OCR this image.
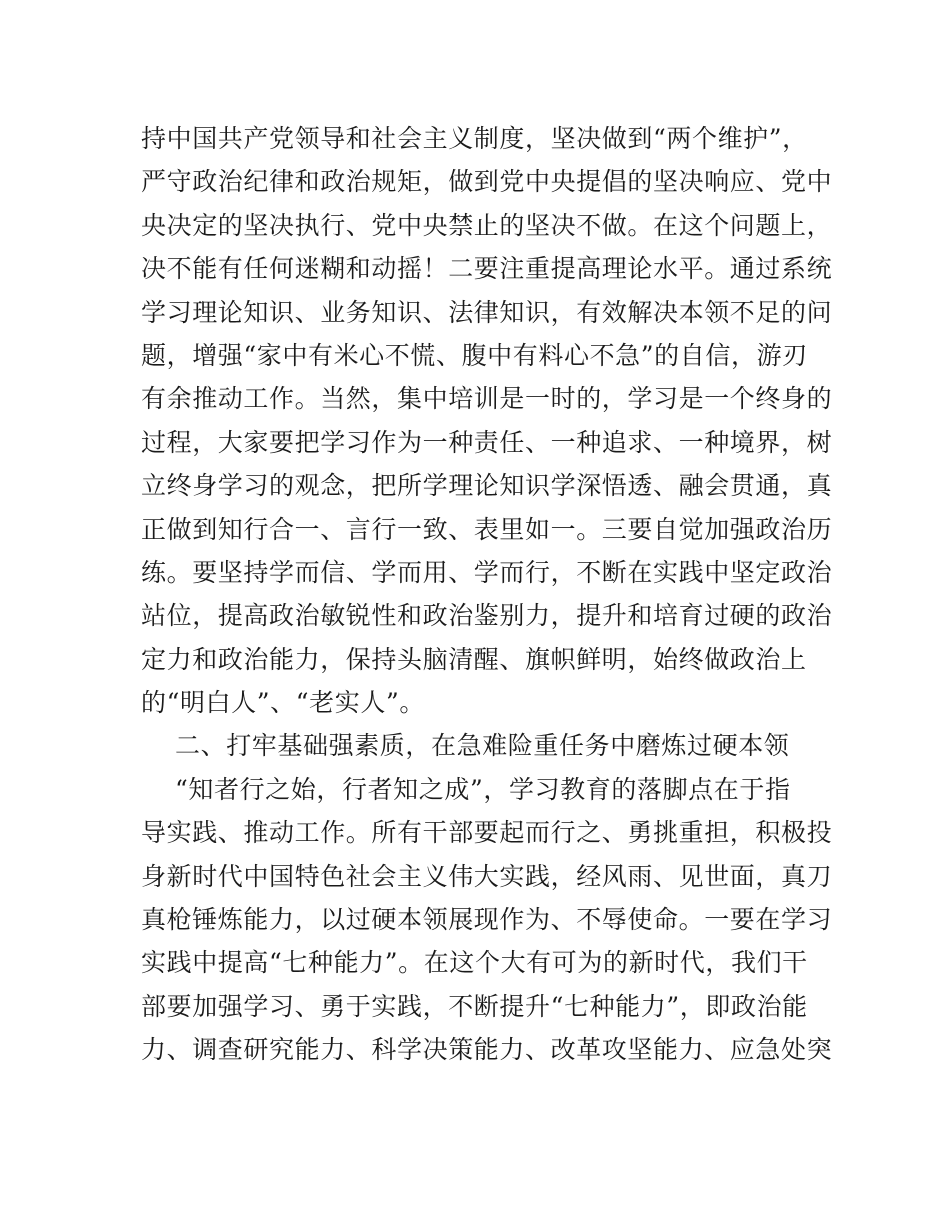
持中国共产党领导和社会主义制度，坚决做到“两个维护”，
严守政治纪律和政治规矩，做到党中央提倡的坚决响应、党中
央决定的坚决执行、党中央禁止的坚决不做。在这个问题上，
决不能有任何迷糊和动摇！二要注重提高理论水平。通过系统
学习理论知识、业务知识、法律知识，有效解决本领不足的问
题，增强“家中有米心不慌、腹中有料心不急”的自信，游刃
有余推动工作。当然，集中培训是一时的，学习是一个终身的
过程，大家要把学习作为一种责任、一种追求、一种境界，树
立终身学习的观念，把所学理论知识学深悟透、融会贯通，真
正做到知行合一、言行一致、表里如一。三要自觉加强政治历
练。要坚持学而信、学而用、学而行，不断在实践中坚定政治
站位，提高政治敏锐性和政治鉴别力，提升和培育过硬的政治
定力和政治能力，保持头脑清醒、旗帜鲜明，始终做政治上
的“明白人”、“老实人”。
二、打牢基础强素质，在急难险重任务中磨炼过硬本领
“知者行之始，行者知之成”，学习教育的落脚点在于指
导实践、推动工作。所有干部要起而行之、勇挑重担，积极投
身新时代中国特色社会主义伟大实践，经风雨、见世面，真刀
真枪锤炼能力，以过硬本领展现作为、不辱使命。一要在学习
实践中提高“七种能力”。在这个大有可为的新时代，我们干
部要加强学习、勇于实践，不断提升“七种能力”，即政治能
力、调查研究能力、科学决策能力、改革攻坚能力、应急处突
